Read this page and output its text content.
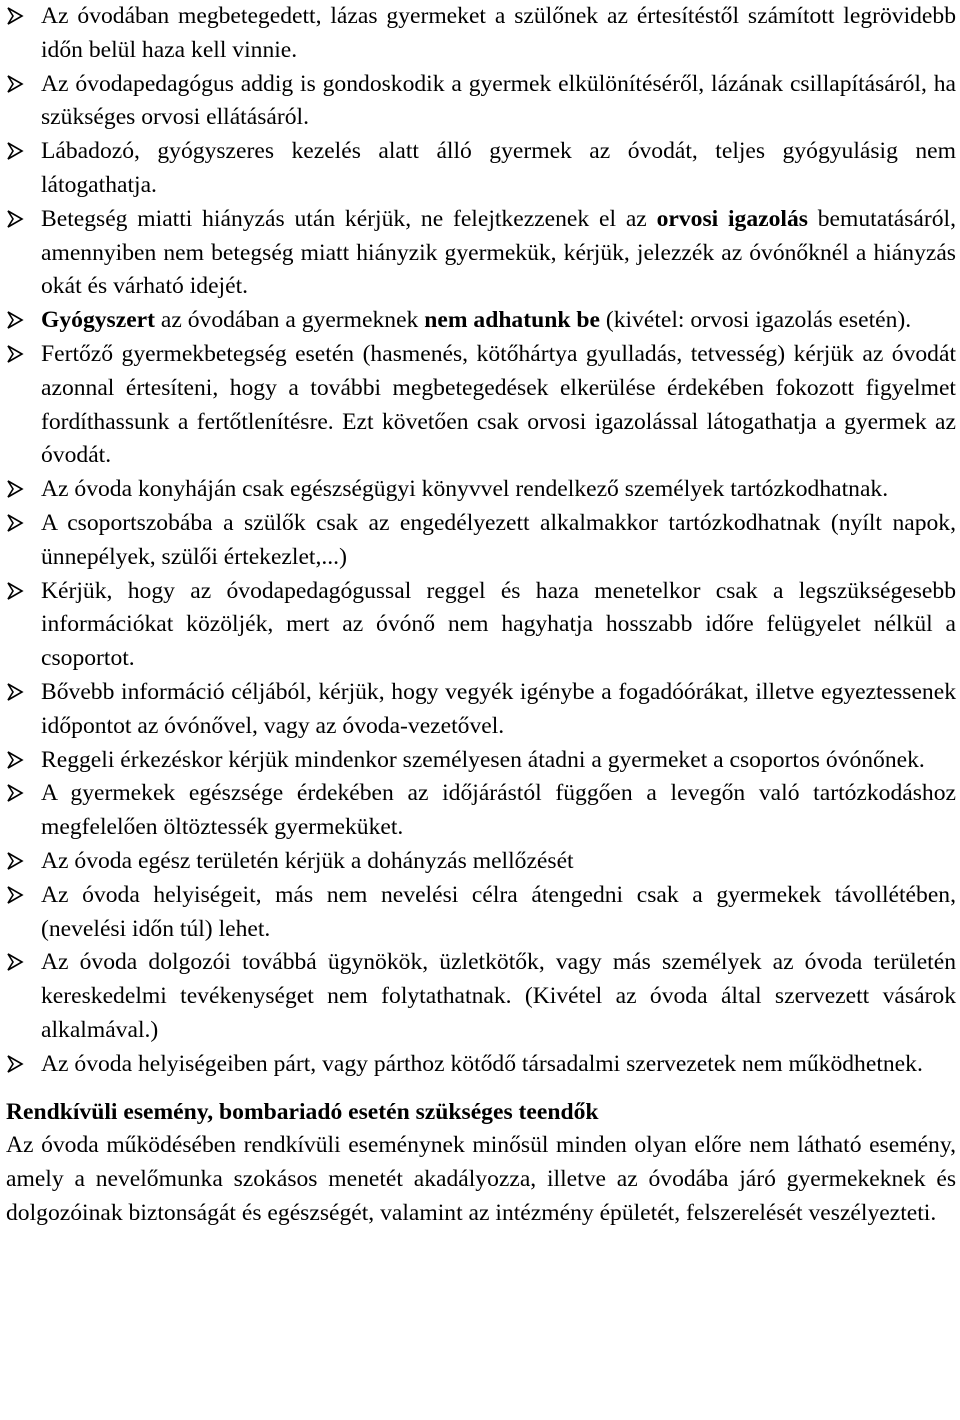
Az óvodában megbetegedett, lázas gyermeket a szülőnek az értesítéstől számított legrövidebb időn belül haza kell vinnie.
Az óvodapedagógus addig is gondoskodik a gyermek elkülönítéséről, lázának csillapításáról, ha szükséges orvosi ellátásáról.
Lábadozó, gyógyszeres kezelés alatt álló gyermek az óvodát, teljes gyógyulásig nem látogathatja.
Betegség miatti hiányzás után kérjük, ne felejtkezzenek el az orvosi igazolás bemutatásáról, amennyiben nem betegség miatt hiányzik gyermekük, kérjük, jelezzék az óvónőknél a hiányzás okát és várható idejét.
Gyógyszert az óvodában a gyermeknek nem adhatunk be (kivétel: orvosi igazolás esetén).
Fertőző gyermekbetegség esetén (hasmenés, kötőhártya gyulladás, tetvesség) kérjük az óvodát azonnal értesíteni, hogy a további megbetegedések elkerülése érdekében fokozott figyelmet fordíthassunk a fertőtlenítésre. Ezt követően csak orvosi igazolással látogathatja a gyermek az óvodát.
Az óvoda konyháján csak egészségügyi könyvvel rendelkező személyek tartózkodhatnak.
A csoportszobába a szülők csak az engedélyezett alkalmakkor tartózkodhatnak (nyílt napok, ünnepélyek, szülői értekezlet,...)
Kérjük, hogy az óvodapedagógussal reggel és haza menetelkor csak a legszükségesebb információkat közöljék, mert az óvónő nem hagyhatja hosszabb időre felügyelet nélkül a csoportot.
Bővebb információ céljából, kérjük, hogy vegyék igénybe a fogadóórákat, illetve egyeztessenek időpontot az óvónővel, vagy az óvoda-vezetővel.
Reggeli érkezéskor kérjük mindenkor személyesen átadni a gyermeket a csoportos óvónőnek.
A gyermekek egészsége érdekében az időjárástól függően a levegőn való tartózkodáshoz megfelelően öltöztessék gyermeküket.
Az óvoda egész területén kérjük a dohányzás mellőzését
Az óvoda helyiségeit, más nem nevelési célra átengedni csak a gyermekek távollétében, (nevelési időn túl) lehet.
Az óvoda dolgozói továbbá ügynökök, üzletkötők, vagy más személyek az óvoda területén kereskedelmi tevékenységet nem folytathatnak. (Kivétel az óvoda által szervezett vásárok alkalmával.)
Az óvoda helyiségeiben párt, vagy párthoz kötődő társadalmi szervezetek nem működhetnek.
Rendkívüli esemény, bombariadó esetén szükséges teendők
Az óvoda működésében rendkívüli eseménynek minősül minden olyan előre nem látható esemény, amely a nevelőmunka szokásos menetét akadályozza, illetve az óvodába járó gyermekeknek és dolgozóinak biztonságát és egészségét, valamint az intézmény épületét, felszerelését veszélyezteti.
